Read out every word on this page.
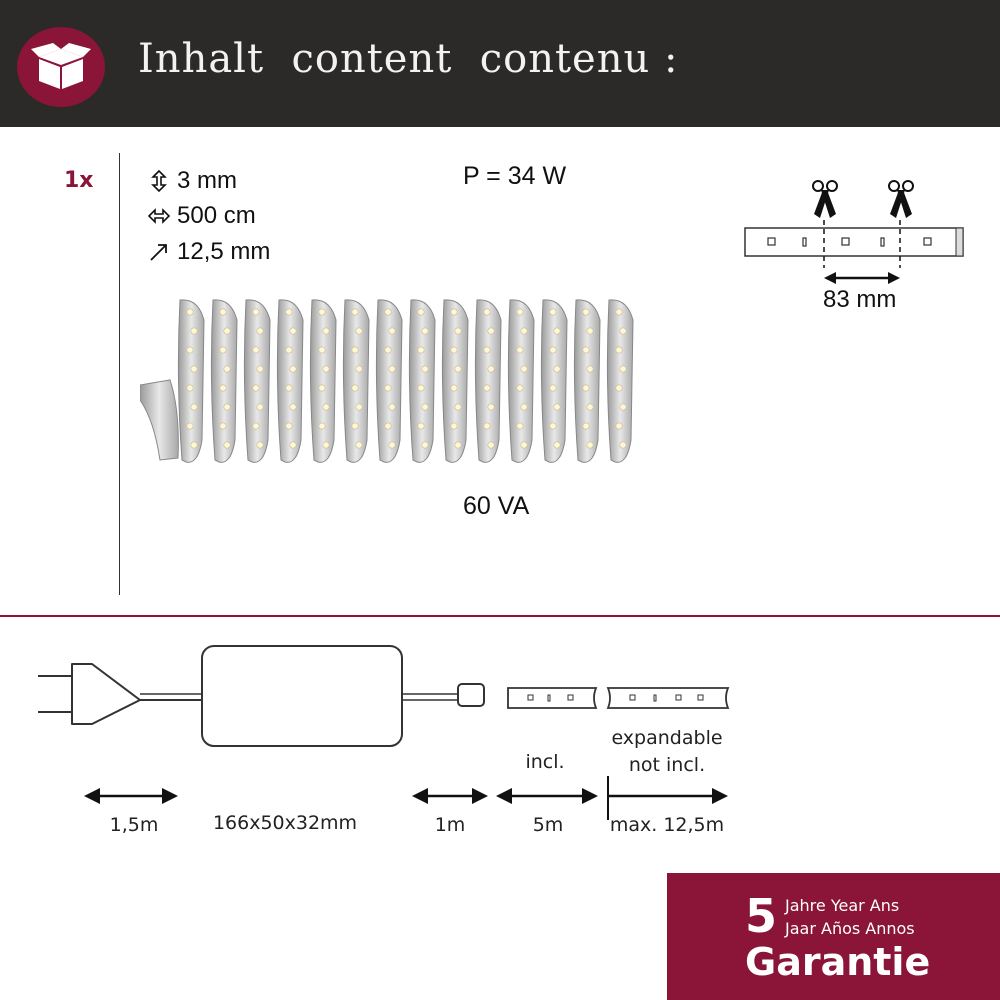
Inhalt  content  contenu :
1x	3 mm
500 cm
12,5 mm
P = 34 W
60 VA
83 mm
1,5m	166x50x32mm	1m
incl.
5m
expandable
not incl.
max. 12,5m
5 Jahre Year Ans
Jaar Años Annos
Garantie
